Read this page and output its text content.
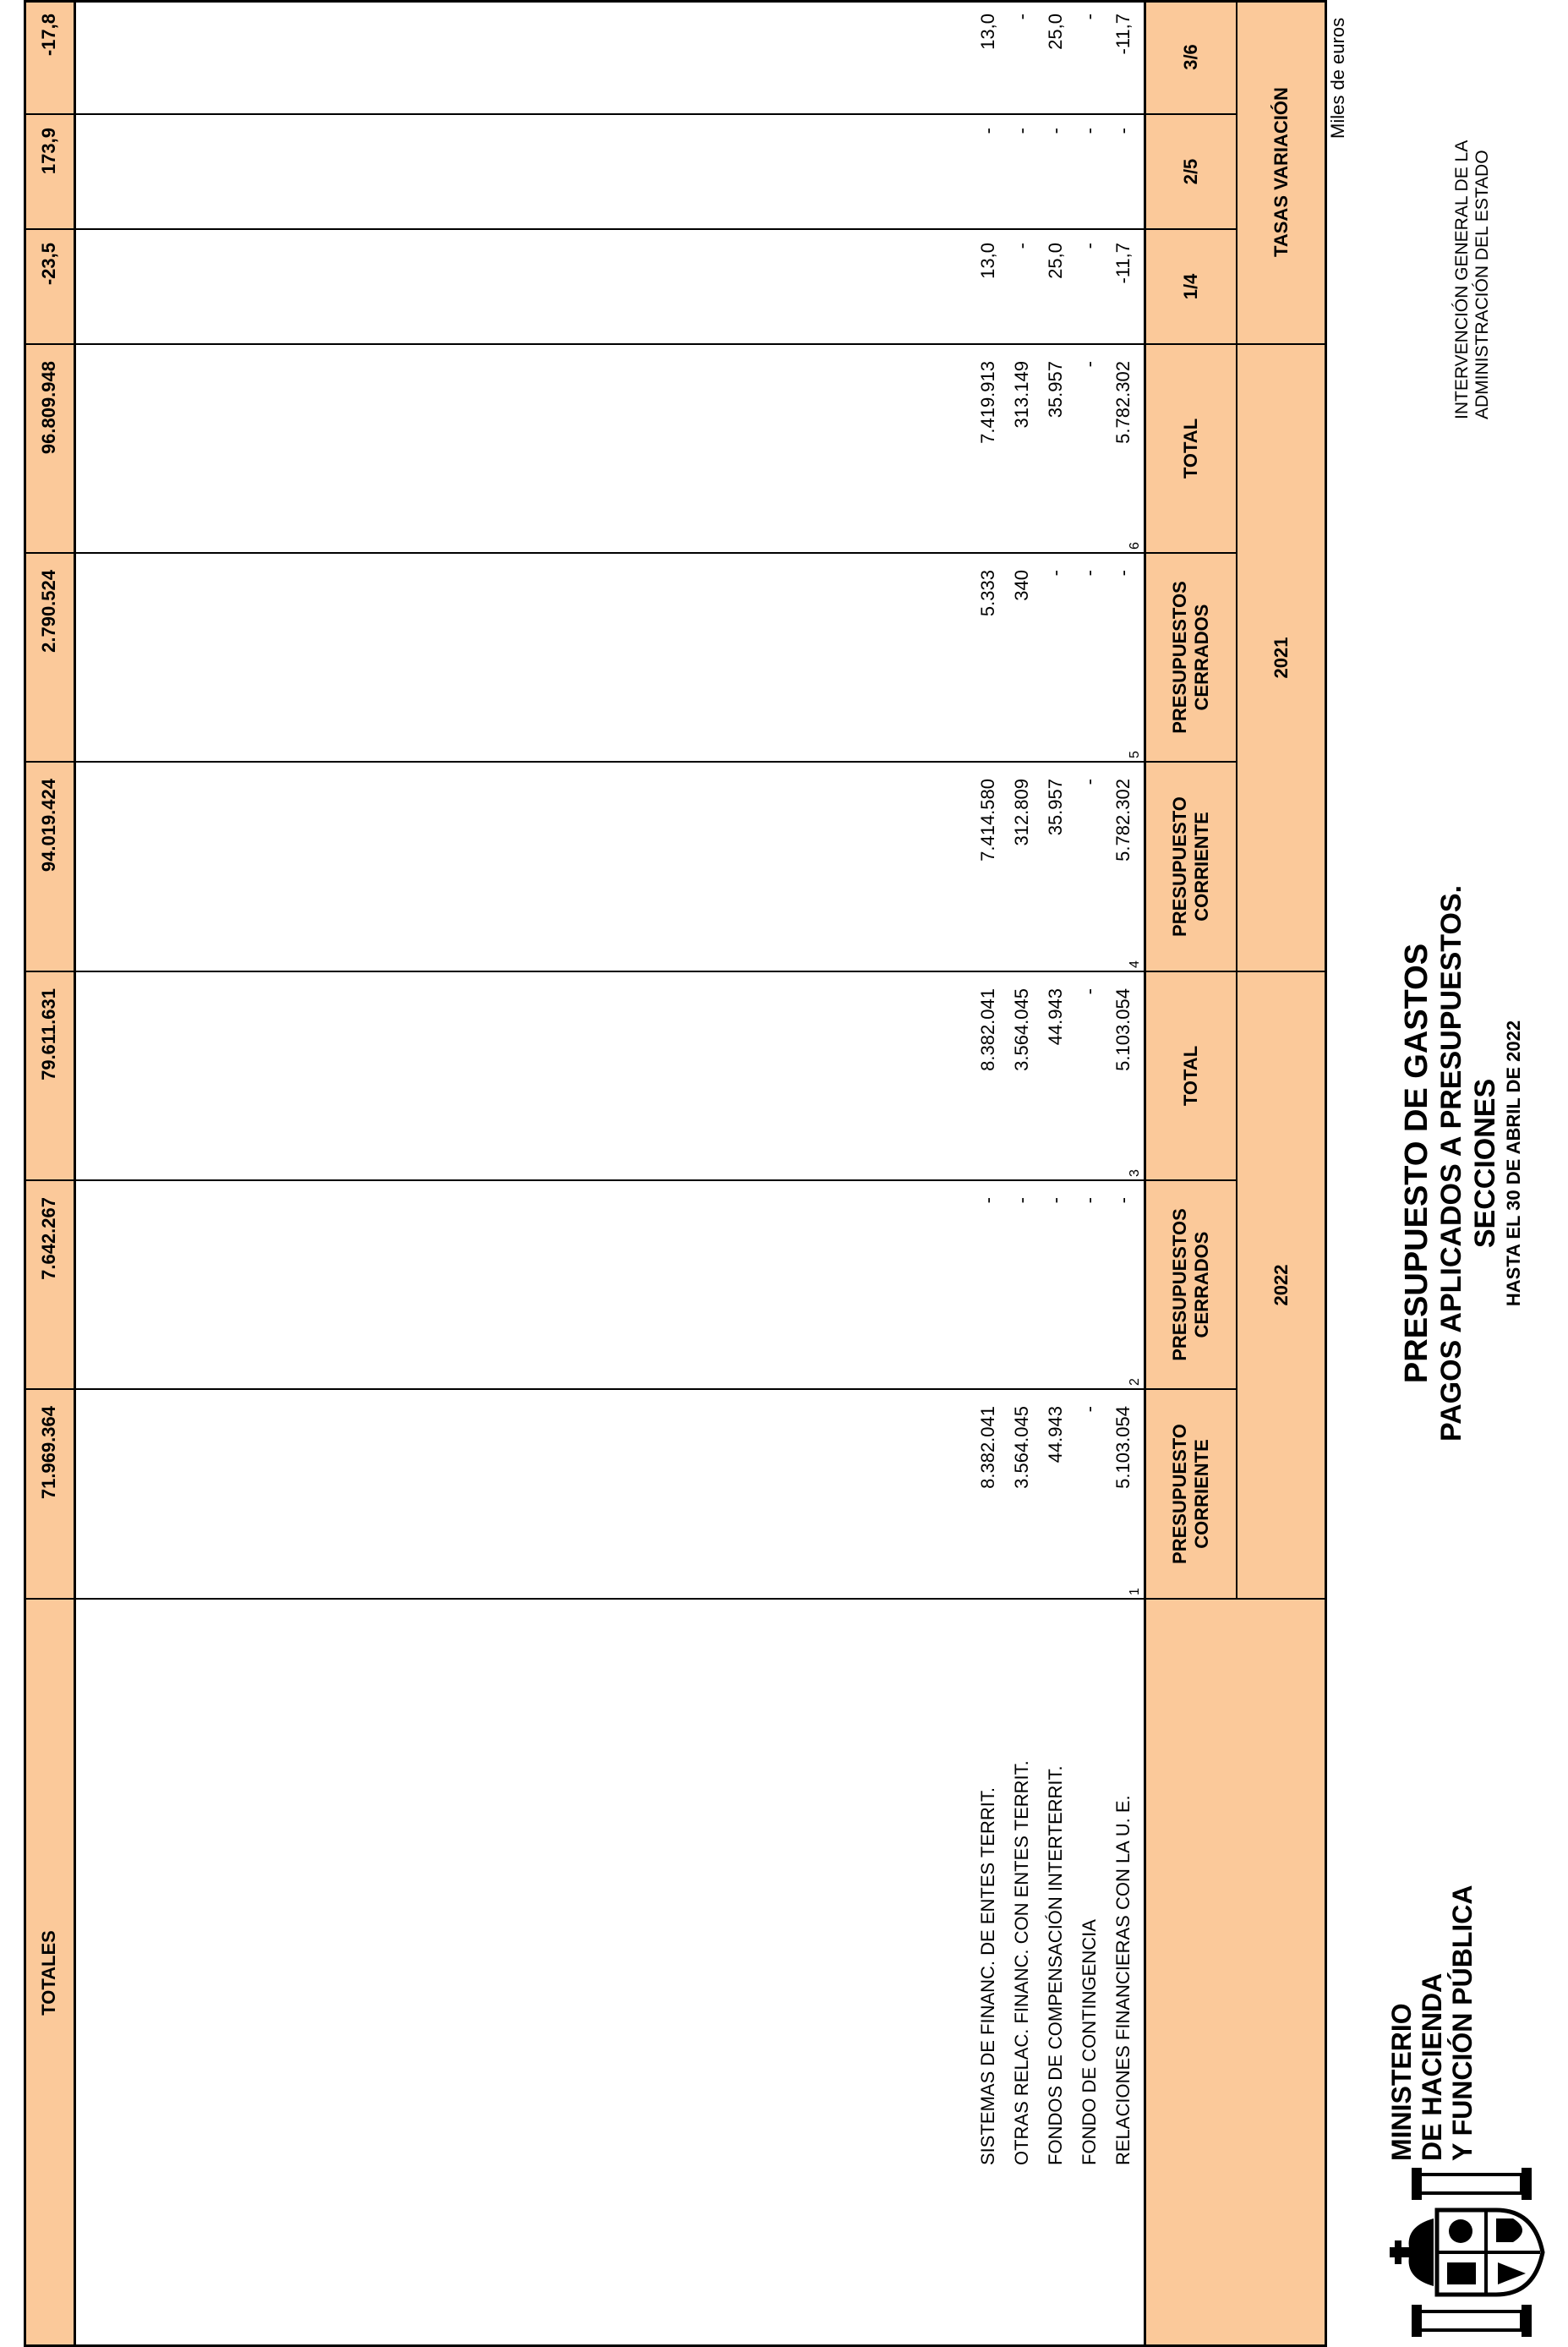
MINISTERIO
DE HACIENDA
Y FUNCIÓN PÚBLICA
PRESUPUESTO DE GASTOS PAGOS APLICADOS A PRESUPUESTOS. SECCIONES HASTA EL 30 DE ABRIL DE 2022
INTERVENCIÓN GENERAL DE LA
ADMINISTRACIÓN DEL ESTADO
Miles de euros
2022
2021
TASAS VARIACIÓN
PRESUPUESTO CORRIENTE
PRESUPUESTOS CERRADOS
TOTAL
PRESUPUESTO CORRIENTE
PRESUPUESTOS CERRADOS
TOTAL
1/4
2/5
3/6
TOTALES
1
2
3
4
5
6
RELACIONES FINANCIERAS CON LA U. E.
FONDO DE CONTINGENCIA
FONDOS DE COMPENSACIÓN INTERTERRIT.
OTRAS RELAC. FINANC. CON ENTES TERRIT.
SISTEMAS DE FINANC. DE ENTES TERRIT.
5.103.054
-
5.103.054
5.782.302
-
5.782.302
-11,7
-
-11,7
-
-
-
-
-
-
-
-
-
44.943
-
44.943
35.957
-
35.957
25,0
-
25,0
3.564.045
-
3.564.045
312.809
340
313.149
-
-
-
8.382.041
-
8.382.041
7.414.580
5.333
7.419.913
13,0
-
13,0
71.969.364
7.642.267
79.611.631
94.019.424
2.790.524
96.809.948
-23,5
173,9
-17,8
